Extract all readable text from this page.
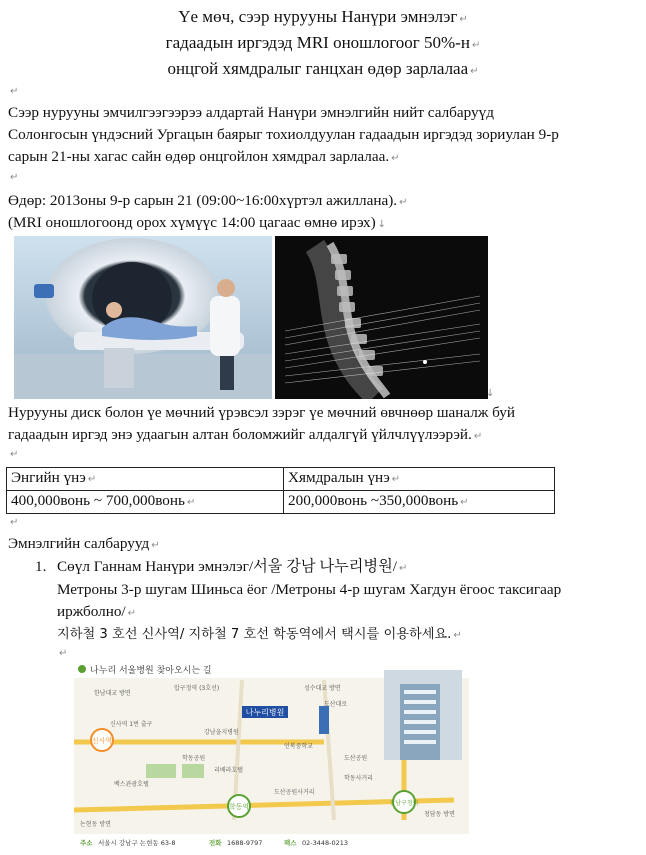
Үе мөч, сээр нурууны Нанүри эмнэлэг ↵
гадаадын иргэдэд MRI оношлогоог 50%-н ↵
онцгой хямдралыг ганцхан өдөр зарлалаа ↵
↵
Сээр нурууны эмчилгээгээрээ алдартай Нанүри эмнэлгийн нийт салбаруүд
Солонгосын үндэсний Ургацын баярыг тохиолдуулан гадаадын иргэдэд зориулан 9-р
сарын 21-ны хагас сайн өдөр онцгойлон хямдрал зарлалаа. ↵
↵
Өдөр: 2013оны 9-р сарын 21 (09:00~16:00хүртэл ажиллана). ↵
(MRI оношлогоонд орох хүмүүс 14:00 цагаас өмнө ирэх) ↓
↓
Нурууны диск болон үе мөчний үрэвсэл зэрэг үе мөчний өвчнөөр шаналж буй
гадаадын иргэд энэ удаагын алтан боломжийг алдалгүй үйлчлүүлээрэй. ↵
↵
Энгийн үнэ ↵	Хямдралын үнэ ↵
400,000вонь ~ 700,000вонь ↵	200,000вонь ~350,000вонь ↵
↵
Эмнэлгийн салбарууд ↵
1. Сөүл Ганнам Нанүри эмнэлэг/서울 강남 나누리병원/ ↵
Метроны 3-р шугам Шиньса ёог /Метроны 4-р шугам Хагдун ёгоос таксигаар
иржболно/ ↵
지하철 3 호선 신사역/ 지하철 7 호선 학동역에서 택시를 이용하세요. ↵
↵
나누리 서울병원 찾아오시는 길
나누리병원
신사역
학동역	강남구청역
한남대교 방면
압구정역 (3호선)	성수대교 방면
도산대로
강남을지병원
언북중학교
학동공원
백스관광호텔
리베라호텔
도산공원
학동사거리
청담동 방면
신사역 1번 출구
도산공원사거리
논현동 방면
주소 서울시 강남구 논현동 63-8	전화 1688-9797	팩스 02-3448-0213
